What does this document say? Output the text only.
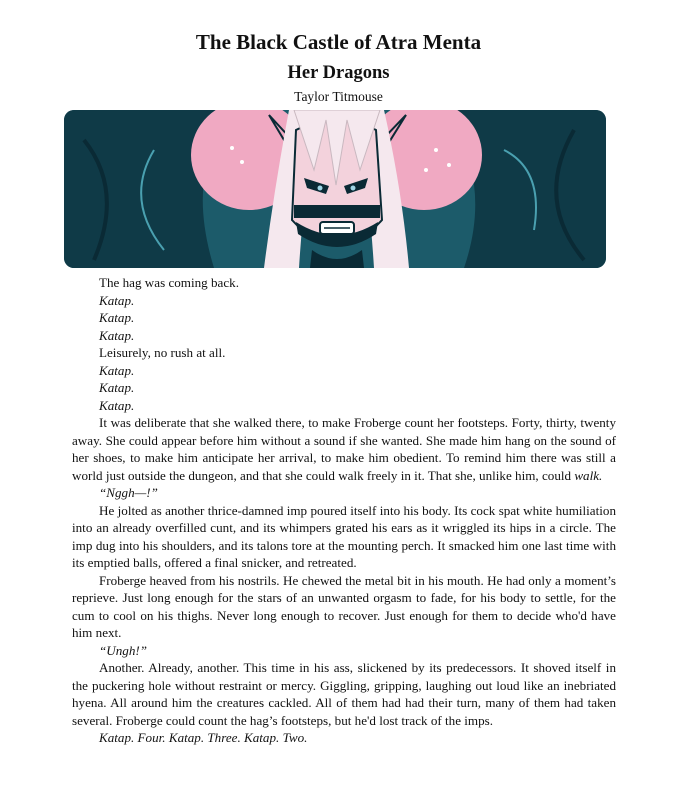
The Black Castle of Atra Menta
Her Dragons
Taylor Titmouse

The hag was coming back.

Katap.

Katap.

Katap.

Leisurely, no rush at all.

Katap.

Katap.

Katap.

It was deliberate that she walked there, to make Froberge count her footsteps. Forty, thirty, twenty away. She could appear before him without a sound if she wanted. She made him hang on the sound of her shoes, to make him anticipate her arrival, to make him obedient. To remind him there was still a world just outside the dungeon, and that she could walk freely in it. That she, unlike him, could walk.

“Nggh—!”

He jolted as another thrice-damned imp poured itself into his body. Its cock spat white humiliation into an already overfilled cunt, and its whimpers grated his ears as it wriggled its hips in a circle. The imp dug into his shoulders, and its talons tore at the mounting perch. It smacked him one last time with its emptied balls, offered a final snicker, and retreated.

Froberge heaved from his nostrils. He chewed the metal bit in his mouth. He had only a moment’s reprieve. Just long enough for the stars of an unwanted orgasm to fade, for his body to settle, for the cum to cool on his thighs. Never long enough to recover. Just enough for them to decide who'd have him next.

“Ungh!”

Another. Already, another. This time in his ass, slickened by its predecessors. It shoved itself in the puckering hole without restraint or mercy. Giggling, gripping, laughing out loud like an inebriated hyena. All around him the creatures cackled. All of them had had their turn, many of them had taken several. Froberge could count the hag’s footsteps, but he'd lost track of the imps.

Katap. Four. Katap. Three. Katap. Two.
